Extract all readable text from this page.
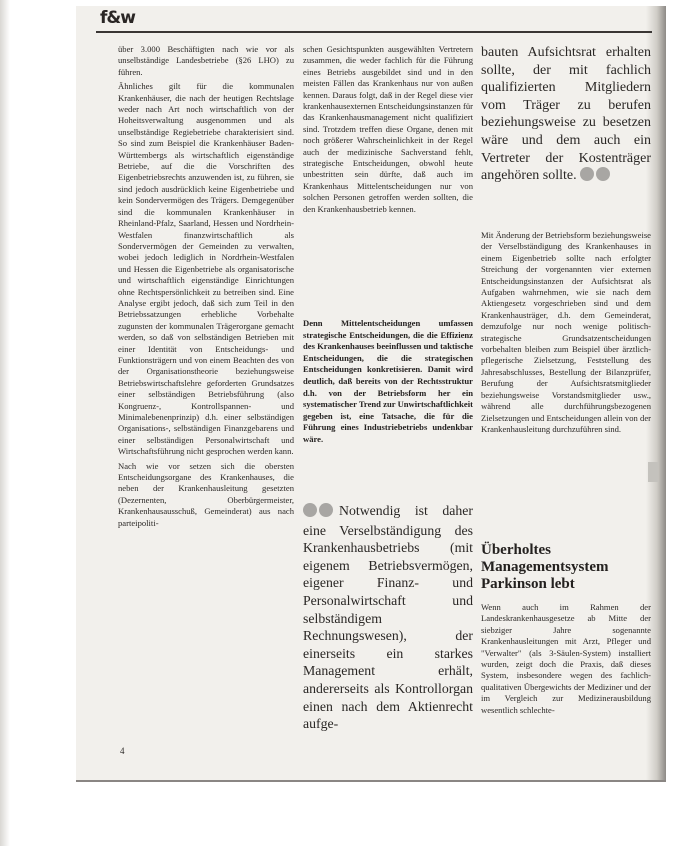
f&w

über 3.000 Beschäftigten nach wie vor als unselbständige Landesbetriebe (§26 LHO) zu führen.

Ähnliches gilt für die kommunalen Krankenhäuser, die nach der heutigen Rechtslage weder nach Art noch wirtschaftlich von der Hoheitsverwaltung ausgenommen und als unselbständige Regiebetriebe charakterisiert sind. So sind zum Beispiel die Krankenhäuser Baden-Württembergs als wirtschaftlich eigenständige Betriebe, auf die die Vorschriften des Eigenbetriebsrechts anzuwenden ist, zu führen, sie sind jedoch ausdrücklich keine Eigenbetriebe und kein Sondervermögen des Trägers. Demgegenüber sind die kommunalen Krankenhäuser in Rheinland-Pfalz, Saarland, Hessen und Nordrhein-Westfalen finanzwirtschaftlich als Sondervermögen der Gemeinden zu verwalten, wobei jedoch lediglich in Nordrhein-Westfalen und Hessen die Eigenbetriebe als organisatorische und wirtschaftlich eigenständige Einrichtungen ohne Rechtspersönlichkeit zu betreiben sind. Eine Analyse ergibt jedoch, daß sich zum Teil in den Betriebssatzungen erhebliche Vorbehalte zugunsten der kommunalen Trägerorgane gemacht werden, so daß von selbständigen Betrieben mit einer Identität von Entscheidungs- und Funktionsträgern und von einem Beachten des von der Organisationstheorie beziehungsweise Betriebswirtschaftslehre geforderten Grundsatzes einer selbständigen Betriebsführung (also Kongruenz-, Kontrollspannen- und Minimalebenenprinzip) d.h. einer selbständigen Organisations-, selbständigen Finanzgebarens und einer selbständigen Personalwirtschaft und Wirtschaftsführung nicht gesprochen werden kann.

Nach wie vor setzen sich die obersten Entscheidungsorgane des Krankenhauses, die neben der Krankenhausleitung gesetzten (Dezernenten, Oberbürgermeister, Krankenhausausschuß, Gemeinderat) aus nach parteipoliti-

schen Gesichtspunkten ausgewählten Vertretern zusammen, die weder fachlich für die Führung eines Betriebs ausgebildet sind und in den meisten Fällen das Krankenhaus nur von außen kennen. Daraus folgt, daß in der Regel diese vier krankenhausexternen Entscheidungsinstanzen für das Krankenhausmanagement nicht qualifiziert sind. Trotzdem treffen diese Organe, denen mit noch größerer Wahrscheinlichkeit in der Regel auch der medizinische Sachverstand fehlt, strategische Entscheidungen, obwohl heute unbestritten sein dürfte, daß auch im Krankenhaus Mittelentscheidungen nur von solchen Personen getroffen werden sollten, die den Krankenhausbetrieb kennen.

Denn Mittelentscheidungen umfassen strategische Entscheidungen, die die Effizienz des Krankenhauses beeinflussen und taktische Entscheidungen, die die strategischen Entscheidungen konkretisieren. Damit wird deutlich, daß bereits von der Rechtsstruktur d.h. von der Betriebsform her ein systematischer Trend zur Unwirtschaftlichkeit gegeben ist, eine Tatsache, die für die Führung eines Industriebetriebs undenkbar wäre.
Notwendig ist daher eine Verselbständigung des Krankenhausbetriebs (mit eigenem Betriebsvermögen, eigener Finanz- und Personalwirtschaft und selbständigem Rechnungswesen), der einerseits ein starkes Management erhält, andererseits als Kontrollorgan einen nach dem Aktienrecht aufge-
bauten Aufsichtsrat erhalten sollte, der mit fachlich qualifizierten Mitgliedern vom Träger zu berufen beziehungsweise zu besetzen wäre und dem auch ein Vertreter der Kostenträger angehören sollte.

Mit Änderung der Betriebsform beziehungsweise der Verselbständigung des Krankenhauses in einem Eigenbetrieb sollte nach erfolgter Streichung der vorgenannten vier externen Entscheidungsinstanzen der Aufsichtsrat als Aufgaben wahrnehmen, wie sie nach dem Aktiengesetz vorgeschrieben sind und dem Krankenhausträger, d.h. dem Gemeinderat, demzufolge nur noch wenige politisch-strategische Grundsatzentscheidungen vorbehalten bleiben zum Beispiel über ärztlich-pflegerische Zielsetzung, Feststellung des Jahresabschlusses, Bestellung der Bilanzprüfer, Berufung der Aufsichtsratsmitglieder beziehungsweise Vorstandsmitglieder usw., während alle durchführungsbezogenen Zielsetzungen und Entscheidungen allein von der Krankenhausleitung durchzuführen sind.

Überholtes
Managementsystem
Parkinson lebt

Wenn auch im Rahmen der Landeskrankenhausgesetze ab Mitte der siebziger Jahre sogenannte Krankenhausleitungen mit Arzt, Pfleger und "Verwalter" (als 3-Säulen-System) installiert wurden, zeigt doch die Praxis, daß dieses System, insbesondere wegen des fachlich-qualitativen Übergewichts der Mediziner und der im Vergleich zur Medizinerausbildung wesentlich schlechte-

4
